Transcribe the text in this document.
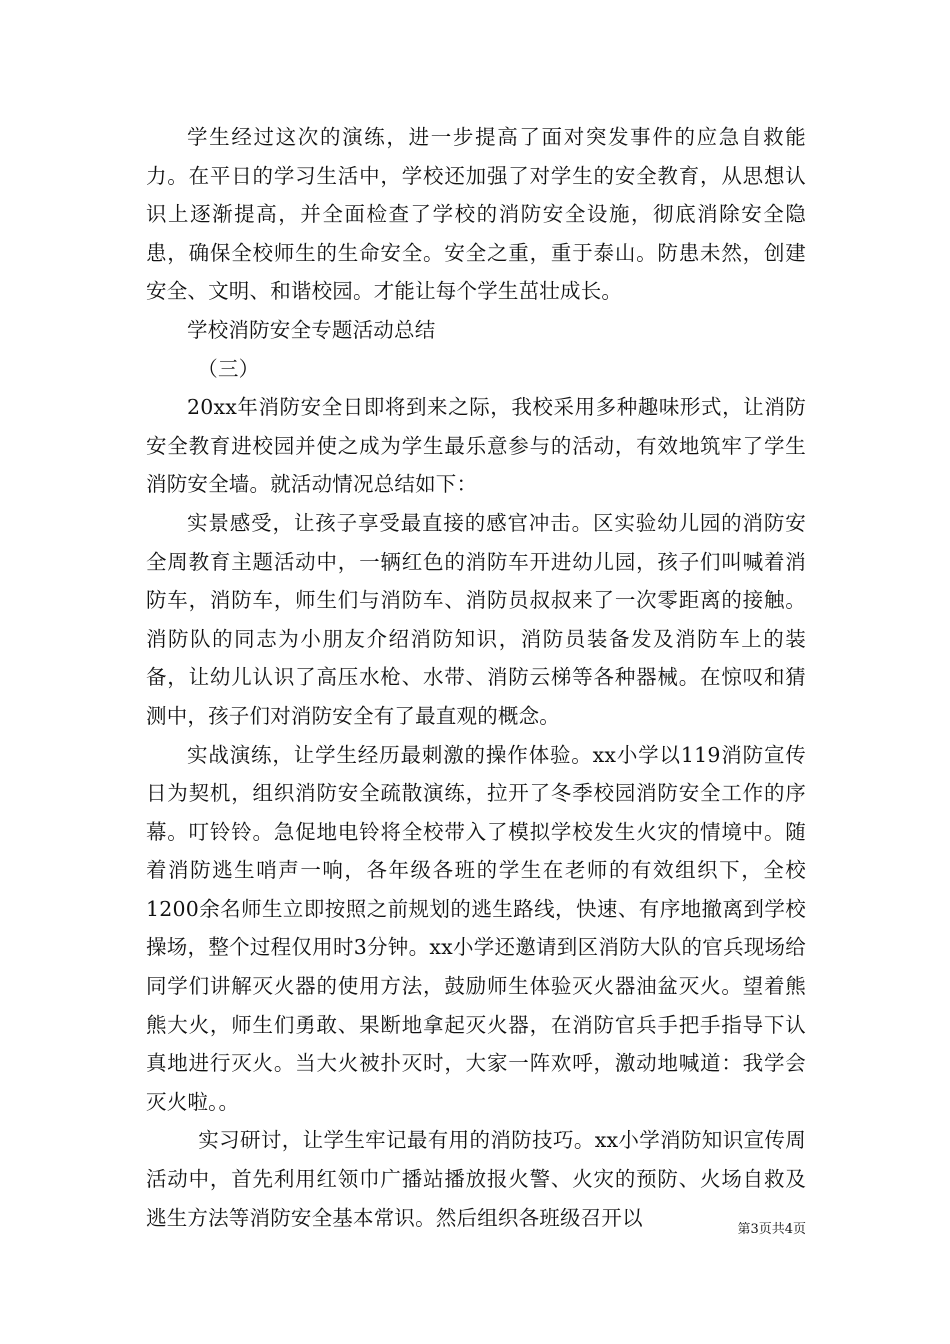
学生经过这次的演练，进一步提高了面对突发事件的应急自救能力。在平日的学习生活中，学校还加强了对学生的安全教育，从思想认识上逐渐提高，并全面检查了学校的消防安全设施，彻底消除安全隐患，确保全校师生的生命安全。安全之重，重于泰山。防患未然，创建安全、文明、和谐校园。才能让每个学生茁壮成长。

学校消防安全专题活动总结

（三）

20xx年消防安全日即将到来之际，我校采用多种趣味形式，让消防安全教育进校园并使之成为学生最乐意参与的活动，有效地筑牢了学生消防安全墙。就活动情况总结如下：

实景感受，让孩子享受最直接的感官冲击。区实验幼儿园的消防安全周教育主题活动中，一辆红色的消防车开进幼儿园，孩子们叫喊着消防车，消防车，师生们与消防车、消防员叔叔来了一次零距离的接触。消防队的同志为小朋友介绍消防知识，消防员装备发及消防车上的装备，让幼儿认识了高压水枪、水带、消防云梯等各种器械。在惊叹和猜测中，孩子们对消防安全有了最直观的概念。

实战演练，让学生经历最刺激的操作体验。xx小学以119消防宣传日为契机，组织消防安全疏散演练，拉开了冬季校园消防安全工作的序幕。叮铃铃。急促地电铃将全校带入了模拟学校发生火灾的情境中。随着消防逃生哨声一响，各年级各班的学生在老师的有效组织下，全校1200余名师生立即按照之前规划的逃生路线，快速、有序地撤离到学校操场，整个过程仅用时3分钟。xx小学还邀请到区消防大队的官兵现场给同学们讲解灭火器的使用方法，鼓励师生体验灭火器油盆灭火。望着熊熊大火，师生们勇敢、果断地拿起灭火器，在消防官兵手把手指导下认真地进行灭火。当大火被扑灭时，大家一阵欢呼，激动地喊道：我学会灭火啦。。

实习研讨，让学生牢记最有用的消防技巧。xx小学消防知识宣传周活动中，首先利用红领巾广播站播放报火警、火灾的预防、火场自救及逃生方法等消防安全基本常识。然后组织各班级召开以	第3页共4页
